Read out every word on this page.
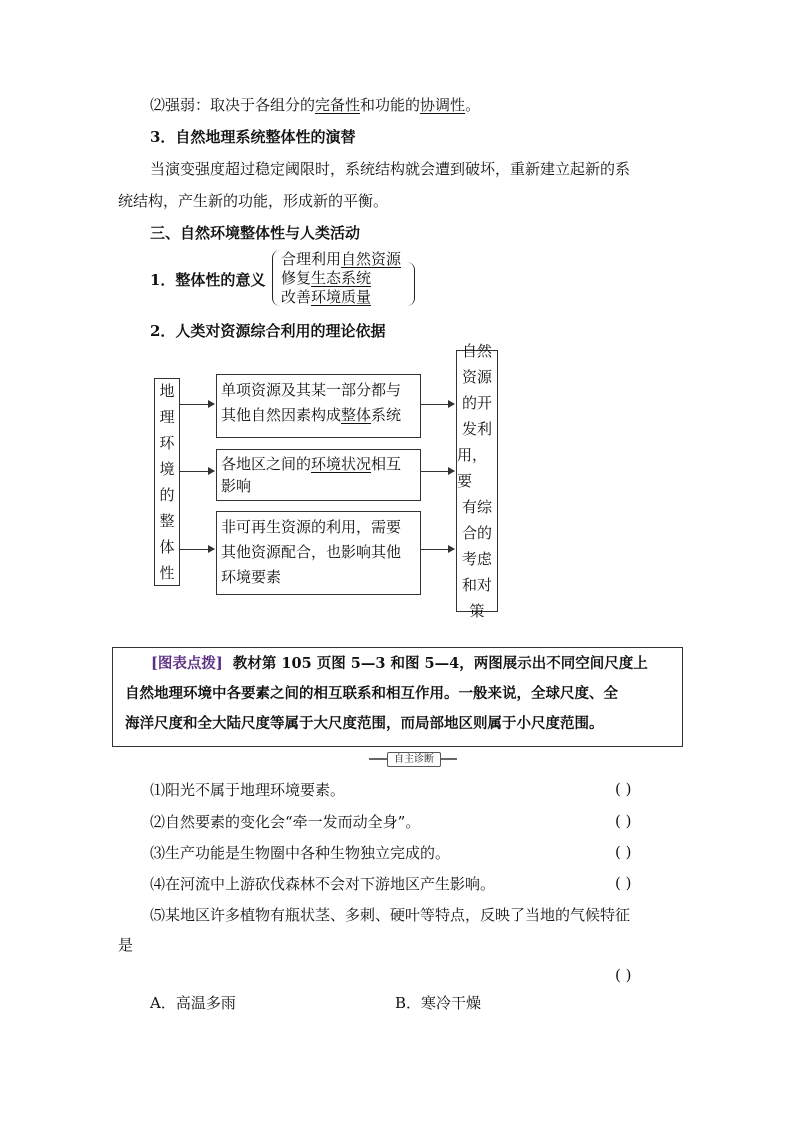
⑵强弱：取决于各组分的完备性和功能的协调性。
3．自然地理系统整体性的演替
当演变强度超过稳定阈限时，系统结构就会遭到破坏，重新建立起新的系
统结构，产生新的功能，形成新的平衡。
三、自然环境整体性与人类活动
1．整体性的意义
合理利用自然资源
修复生态系统
改善环境质量
2．人类对资源综合利用的理论依据
地
理
环
境
的
整
体
性
单项资源及其某一部分都与
其他自然因素构成整体系统
各地区之间的环境状况相互
影响
非可再生资源的利用，需要
其他资源配合，也影响其他
环境要素
自然
资源
的开
发利
用，要
有综
合的
考虑
和对
策
[图表点拨] 教材第 105 页图 5—3 和图 5—4，两图展示出不同空间尺度上
自然地理环境中各要素之间的相互联系和相互作用。一般来说，全球尺度、全
海洋尺度和全大陆尺度等属于大尺度范围，而局部地区则属于小尺度范围。
自主诊断
⑴阳光不属于地理环境要素。	( )
⑵自然要素的变化会“牵一发而动全身”。	( )
⑶生产功能是生物圈中各种生物独立完成的。	( )
⑷在河流中上游砍伐森林不会对下游地区产生影响。	( )
⑸某地区许多植物有瓶状茎、多刺、硬叶等特点，反映了当地的气候特征
是
( )
A．高温多雨	B．寒冷干燥
